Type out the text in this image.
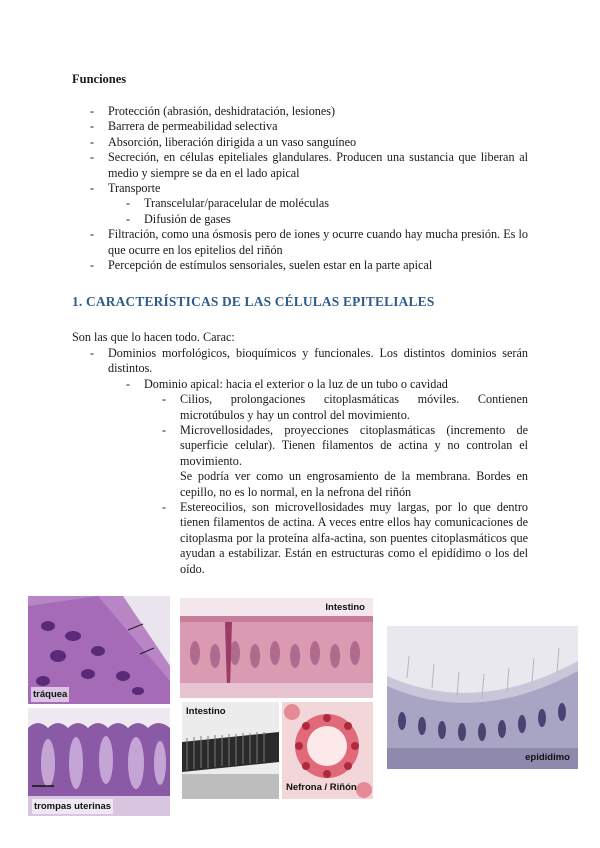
Funciones
- Protección (abrasión, deshidratación, lesiones)
- Barrera de permeabilidad selectiva
- Absorción, liberación dirigida a un vaso sanguíneo
- Secreción, en células epiteliales glandulares. Producen una sustancia que liberan al medio y siempre se da en el lado apical
- Transporte
- Transcelular/paracelular de moléculas
- Difusión de gases
- Filtración, como una ósmosis pero de iones y ocurre cuando hay mucha presión. Es lo que ocurre en los epitelios del riñón
- Percepción de estímulos sensoriales, suelen estar en la parte apical
1. CARACTERÍSTICAS DE LAS CÉLULAS EPITELIALES
Son las que lo hacen todo. Carac:
- Dominios morfológicos, bioquímicos y funcionales. Los distintos dominios serán distintos.
- Dominio apical: hacia el exterior o la luz de un tubo o cavidad
- Cilios, prolongaciones citoplasmáticas móviles. Contienen microtúbulos y hay un control del movimiento.
- Microvellosidades, proyecciones citoplasmáticas (incremento de superficie celular). Tienen filamentos de actina y no controlan el movimiento.
Se podría ver como un engrosamiento de la membrana. Bordes en cepillo, no es lo normal, en la nefrona del riñón
- Estereocilios, son microvellosidades muy largas, por lo que dentro tienen filamentos de actina. A veces entre ellos hay comunicaciones de citoplasma por la proteína alfa-actina, son puentes citoplasmáticos que ayudan a estabilizar. Están en estructuras como el epidídimo o los del oído.
tráquea
trompas uterinas
Intestino
Intestino
Nefrona / Riñón
epidídimo
